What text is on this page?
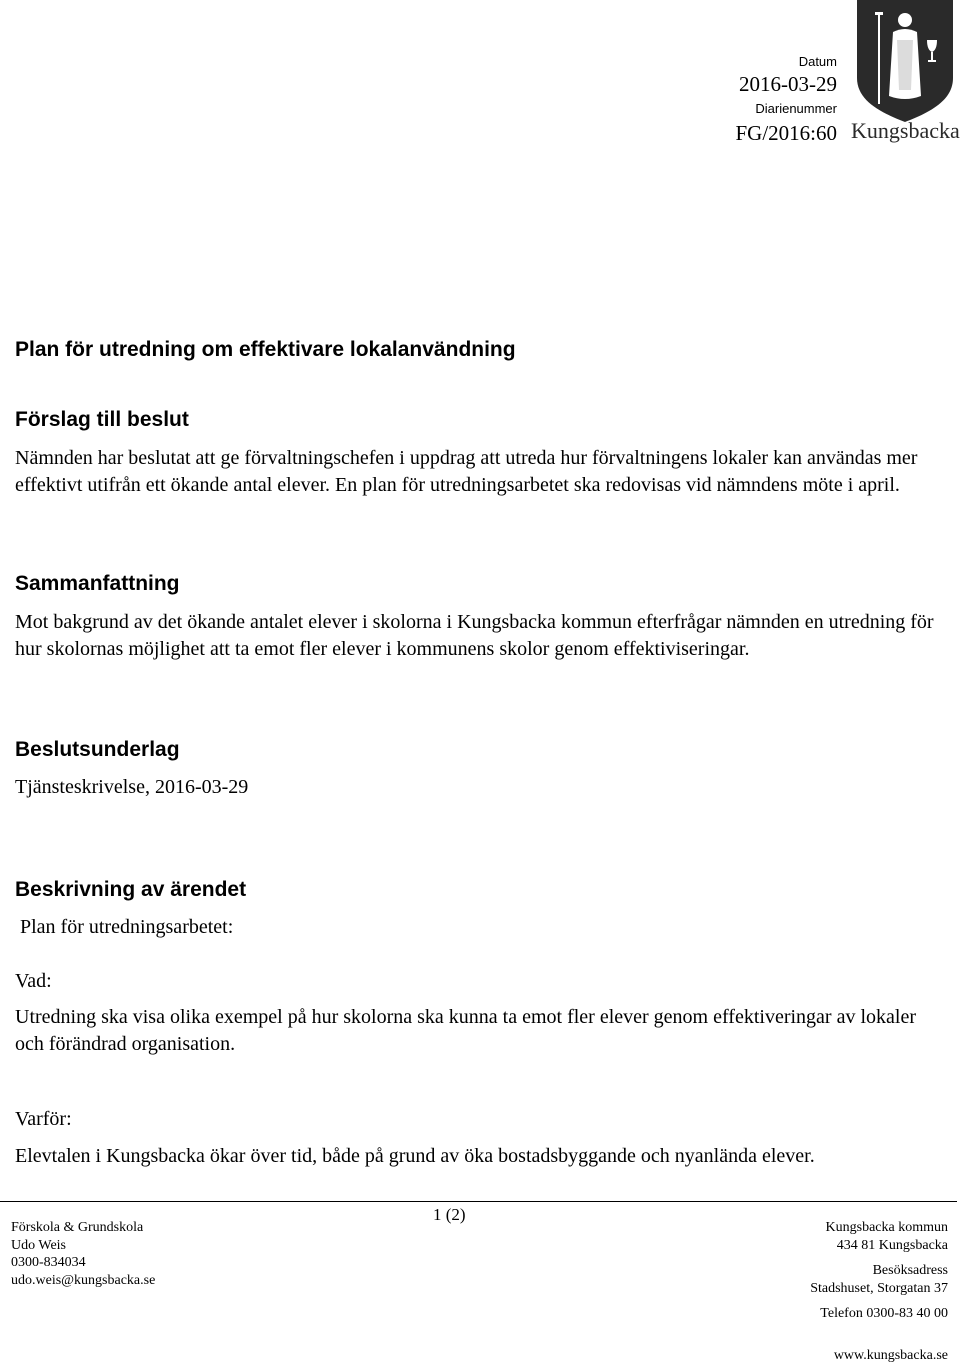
Datum
2016-03-29
Diarienummer
FG/2016:60 Kungsbacka
Plan för utredning om effektivare lokalanvändning
Förslag till beslut

Nämnden har beslutat att ge förvaltningschefen i uppdrag att utreda hur förvaltningens lokaler kan användas mer effektivt utifrån ett ökande antal elever. En plan för utredningsarbetet ska redovisas vid nämndens möte i april.

Sammanfattning

Mot bakgrund av det ökande antalet elever i skolorna i Kungsbacka kommun efterfrågar nämnden en utredning för hur skolornas möjlighet att ta emot fler elever i kommunens skolor genom effektiviseringar.

Beslutsunderlag

Tjänsteskrivelse, 2016-03-29

Beskrivning av ärendet

Plan för utredningsarbetet:

Vad:

Utredning ska visa olika exempel på hur skolorna ska kunna ta emot fler elever genom effektiveringar av lokaler och förändrad organisation.

Varför:

Elevtalen i Kungsbacka ökar över tid, både på grund av öka bostadsbyggande och nyanlända elever.

1 (2)
Förskola & Grundskola
Udo Weis
0300-834034
udo.weis@kungsbacka.se
Kungsbacka kommun
434 81 Kungsbacka
Besöksadress
Stadshuset, Storgatan 37
Telefon 0300-83 40 00
www.kungsbacka.se
